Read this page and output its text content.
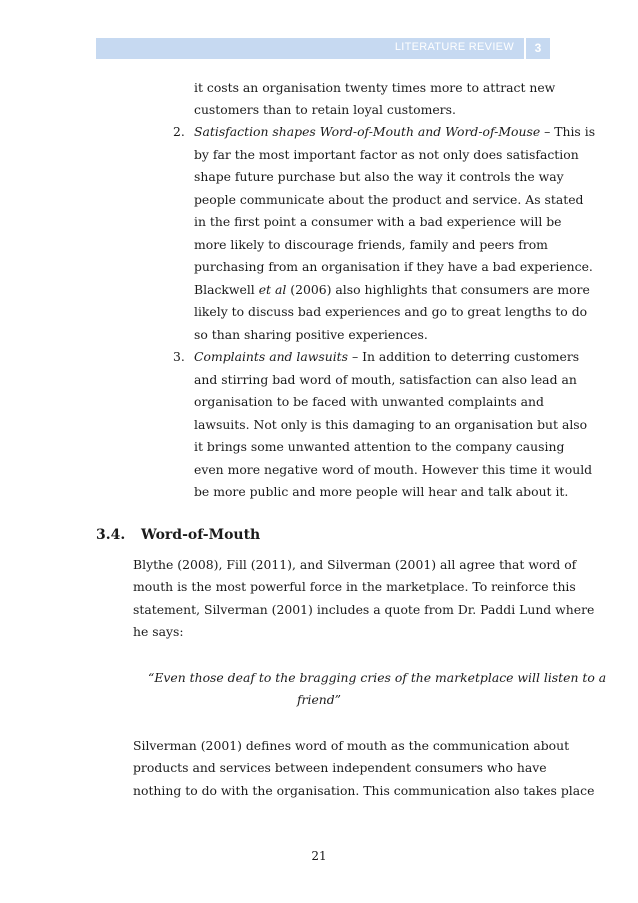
LITERATURE REVIEW	3
it costs an organisation twenty times more to attract new
customers than to retain loyal customers.
2. Satisfaction shapes Word-of-Mouth and Word-of-Mouse – This is
by far the most important factor as not only does satisfaction
shape future purchase but also the way it controls the way
people communicate about the product and service. As stated
in the first point a consumer with a bad experience will be
more likely to discourage friends, family and peers from
purchasing from an organisation if they have a bad experience.
Blackwell et al (2006) also highlights that consumers are more
likely to discuss bad experiences and go to great lengths to do
so than sharing positive experiences.
3. Complaints and lawsuits – In addition to deterring customers
and stirring bad word of mouth, satisfaction can also lead an
organisation to be faced with unwanted complaints and
lawsuits. Not only is this damaging to an organisation but also
it brings some unwanted attention to the company causing
even more negative word of mouth. However this time it would
be more public and more people will hear and talk about it.
3.4. Word-of-Mouth
Blythe (2008), Fill (2011), and Silverman (2001) all agree that word of
mouth is the most powerful force in the marketplace. To reinforce this
statement, Silverman (2001) includes a quote from Dr. Paddi Lund where
he says:
“Even those deaf to the bragging cries of the marketplace will listen to a
friend”
Silverman (2001) defines word of mouth as the communication about
products and services between independent consumers who have
nothing to do with the organisation. This communication also takes place
21
